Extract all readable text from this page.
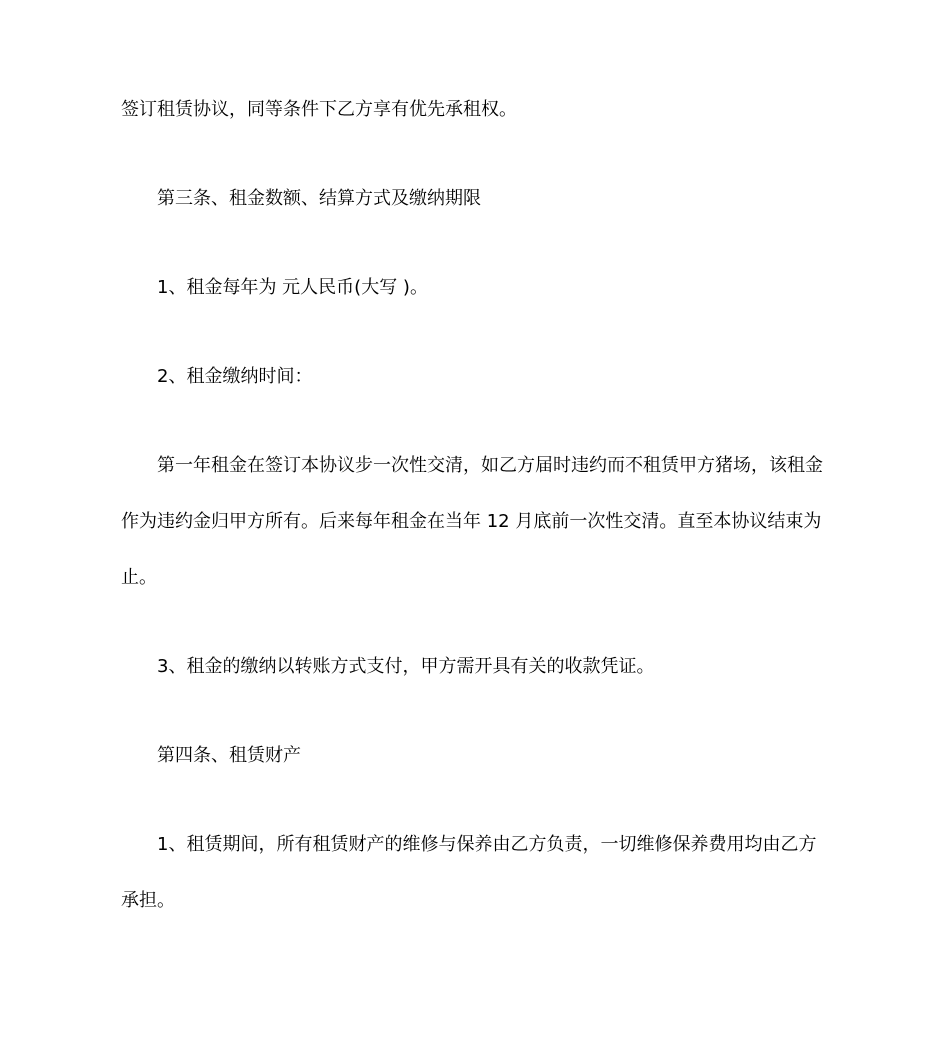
签订租赁协议，同等条件下乙方享有优先承租权。
第三条、租金数额、结算方式及缴纳期限
1、租金每年为 元人民币(大写 )。
2、租金缴纳时间：
第一年租金在签订本协议步一次性交清，如乙方届时违约而不租赁甲方猪场，该租金
作为违约金归甲方所有。后来每年租金在当年 12 月底前一次性交清。直至本协议结束为
止。
3、租金的缴纳以转账方式支付，甲方需开具有关的收款凭证。
第四条、租赁财产
1、租赁期间，所有租赁财产的维修与保养由乙方负责，一切维修保养费用均由乙方
承担。
